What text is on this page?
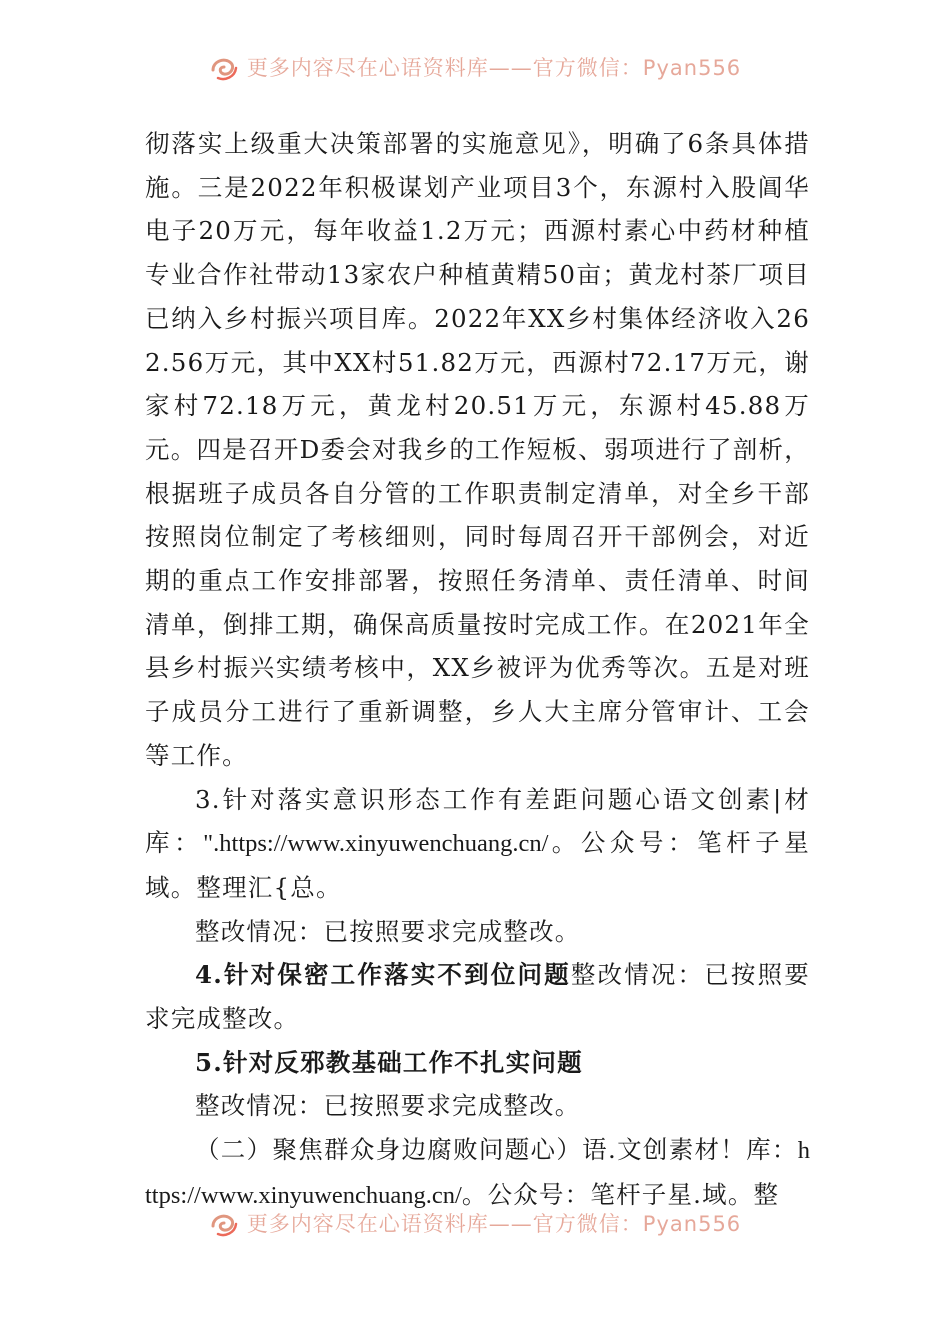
更多内容尽在心语资料库——官方微信：Pyan556

彻落实上级重大决策部署的实施意见》，明确了6条具体措施。三是2022年积极谋划产业项目3个，东源村入股阊华电子20万元，每年收益1.2万元；西源村素心中药材种植专业合作社带动13家农户种植黄精50亩；黄龙村茶厂项目已纳入乡村振兴项目库。2022年XX乡村集体经济收入262.56万元，其中XX村51.82万元，西源村72.17万元，谢家村72.18万元，黄龙村20.51万元，东源村45.88万元。四是召开D委会对我乡的工作短板、弱项进行了剖析，根据班子成员各自分管的工作职责制定清单，对全乡干部按照岗位制定了考核细则，同时每周召开干部例会，对近期的重点工作安排部署，按照任务清单、责任清单、时间清单，倒排工期，确保高质量按时完成工作。在2021年全县乡村振兴实绩考核中，XX乡被评为优秀等次。五是对班子成员分工进行了重新调整，乡人大主席分管审计、工会等工作。

3.针对落实意识形态工作有差距问题心语文创素|材库：".https://www.xinyuwenchuang.cn/。公众号：笔杆子星域。整理汇{总。

整改情况：已按照要求完成整改。

4.针对保密工作落实不到位问题整改情况：已按照要求完成整改。

5.针对反邪教基础工作不扎实问题

整改情况：已按照要求完成整改。

（二）聚焦群众身边腐败问题心）语.文创素材！库：https://www.xinyuwenchuang.cn/。公众号：笔杆子星.域。整

更多内容尽在心语资料库——官方微信：Pyan556
